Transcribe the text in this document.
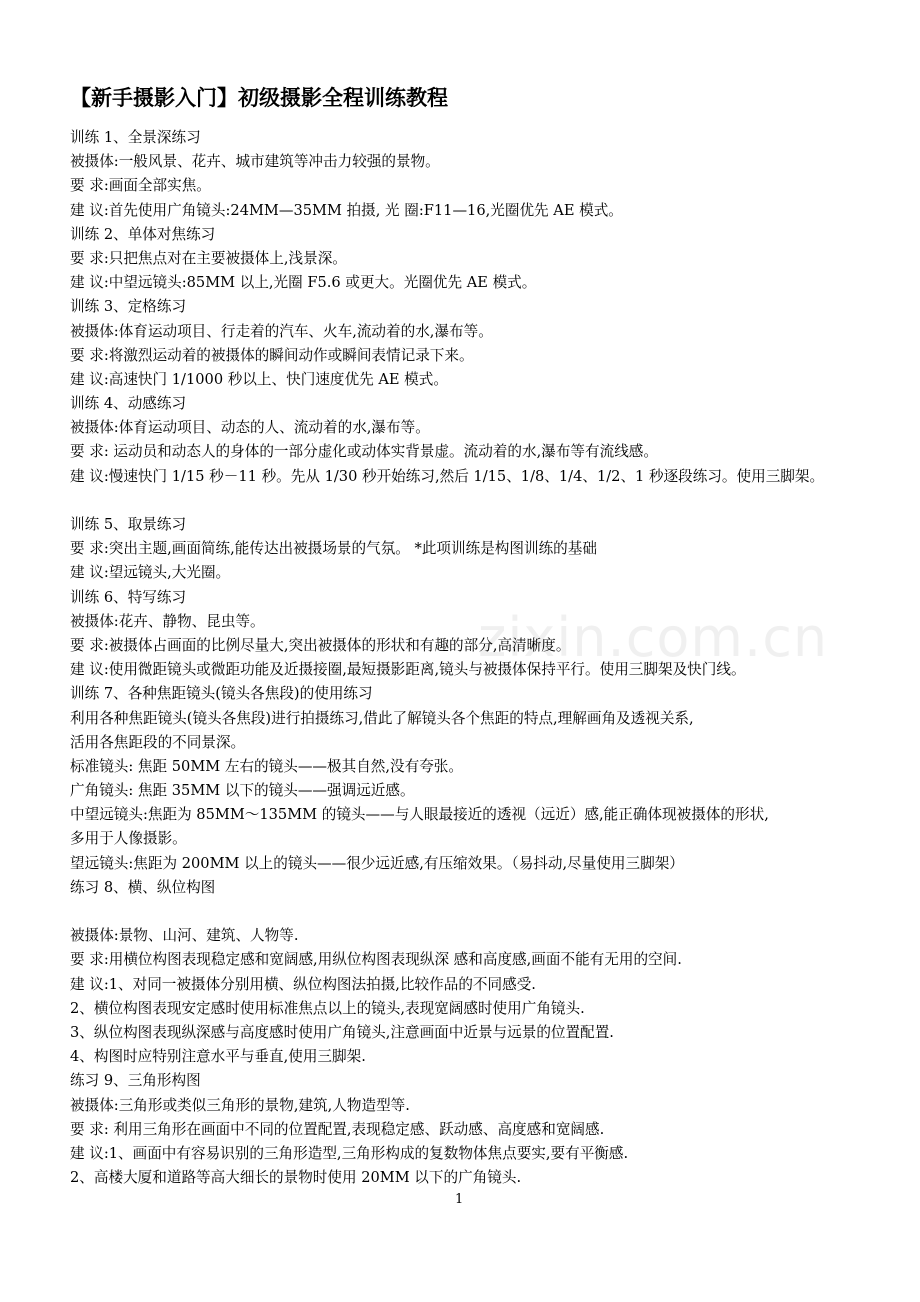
【新手摄影入门】初级摄影全程训练教程
训练 1、全景深练习
被摄体:一般风景、花卉、城市建筑等冲击力较强的景物。
要 求:画面全部实焦。
建 议:首先使用广角镜头:24MM—35MM 拍摄, 光 圈:F11—16,光圈优先 AE 模式。
训练 2、单体对焦练习
要 求:只把焦点对在主要被摄体上,浅景深。
建 议:中望远镜头:85MM 以上,光圈 F5.6 或更大。光圈优先 AE 模式。
训练 3、定格练习
被摄体:体育运动项目、行走着的汽车、火车,流动着的水,瀑布等。
要 求:将激烈运动着的被摄体的瞬间动作或瞬间表情记录下来。
建 议:高速快门 1/1000 秒以上、快门速度优先 AE 模式。
训练 4、动感练习
被摄体:体育运动项目、动态的人、流动着的水,瀑布等。
要 求: 运动员和动态人的身体的一部分虚化或动体实背景虚。流动着的水,瀑布等有流线感。
建 议:慢速快门 1/15 秒－11 秒。先从 1/30 秒开始练习,然后 1/15、1/8、1/4、1/2、1 秒逐段练习。使用三脚架。
训练 5、取景练习
要 求:突出主题,画面简练,能传达出被摄场景的气氛。 *此项训练是构图训练的基础
建 议:望远镜头,大光圈。
训练 6、特写练习
被摄体:花卉、静物、昆虫等。
要 求:被摄体占画面的比例尽量大,突出被摄体的形状和有趣的部分,高清晰度。
建 议:使用微距镜头或微距功能及近摄接圈,最短摄影距离,镜头与被摄体保持平行。使用三脚架及快门线。
训练 7、各种焦距镜头(镜头各焦段)的使用练习
利用各种焦距镜头(镜头各焦段)进行拍摄练习,借此了解镜头各个焦距的特点,理解画角及透视关系,
活用各焦距段的不同景深。
标准镜头: 焦距 50MM 左右的镜头——极其自然,没有夸张。
广角镜头: 焦距 35MM 以下的镜头——强调远近感。
中望远镜头:焦距为 85MM～135MM 的镜头——与人眼最接近的透视（远近）感,能正确体现被摄体的形状,
多用于人像摄影。
望远镜头:焦距为 200MM 以上的镜头——很少远近感,有压缩效果。（易抖动,尽量使用三脚架）
练习 8、横、纵位构图
被摄体:景物、山河、建筑、人物等.
要 求:用横位构图表现稳定感和宽阔感,用纵位构图表现纵深 感和高度感,画面不能有无用的空间.
建 议:1、对同一被摄体分别用横、纵位构图法拍摄,比较作品的不同感受.
2、横位构图表现安定感时使用标准焦点以上的镜头,表现宽阔感时使用广角镜头.
3、纵位构图表现纵深感与高度感时使用广角镜头,注意画面中近景与远景的位置配置.
4、构图时应特别注意水平与垂直,使用三脚架.
练习 9、三角形构图
被摄体:三角形或类似三角形的景物,建筑,人物造型等.
要 求: 利用三角形在画面中不同的位置配置,表现稳定感、跃动感、高度感和宽阔感.
建 议:1、画面中有容易识别的三角形造型,三角形构成的复数物体焦点要实,要有平衡感.
2、高楼大厦和道路等高大细长的景物时使用 20MM 以下的广角镜头.
zixin.com.cn
1
